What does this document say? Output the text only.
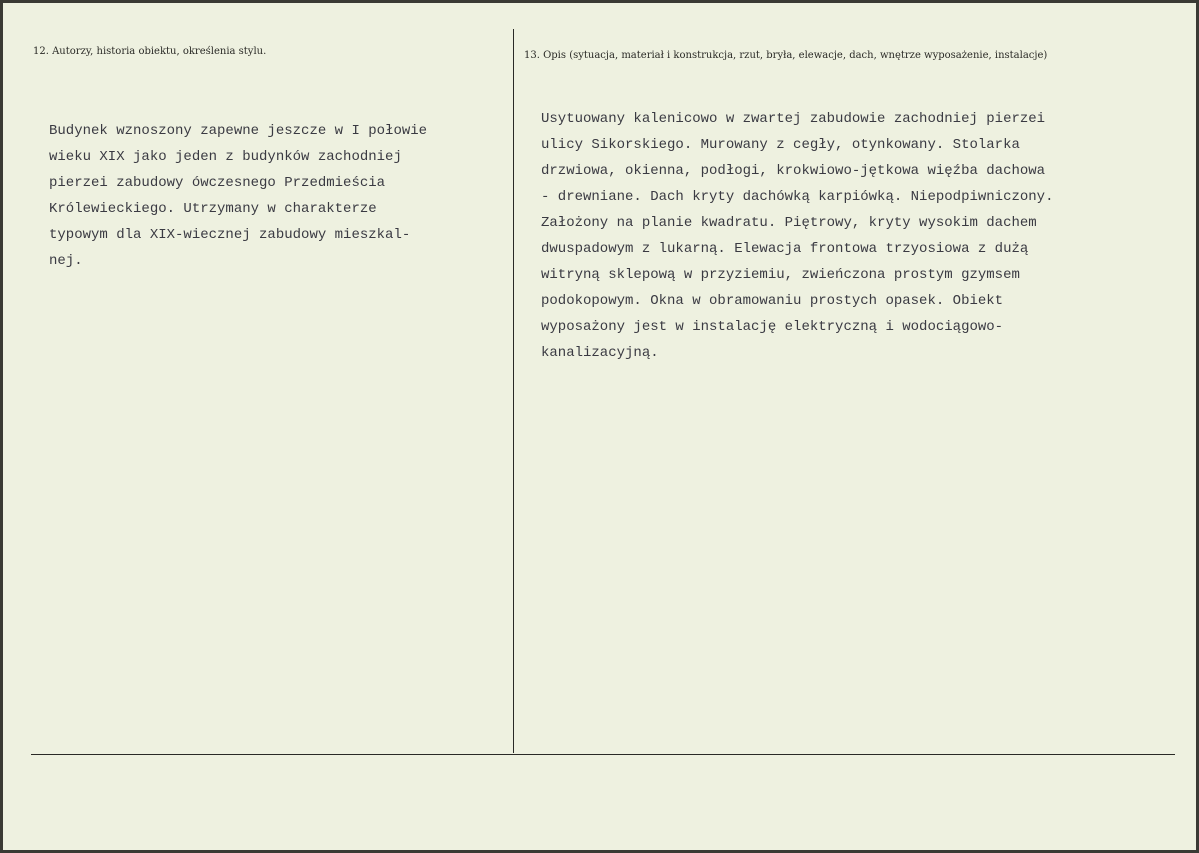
12. Autorzy, historia obiektu, określenia stylu.	13. Opis (sytuacja, materiał i konstrukcja, rzut, bryła, elewacje, dach, wnętrze wyposażenie, instalacje)
Budynek wznoszony zapewne jeszcze w I połowie
wieku XIX jako jeden z budynków zachodniej
pierzei zabudowy ówczesnego Przedmieścia
Królewieckiego. Utrzymany w charakterze
typowym dla XIX-wiecznej zabudowy mieszkal-
nej.
Usytuowany kalenicowo w zwartej zabudowie zachodniej pierzei
ulicy Sikorskiego. Murowany z cegły, otynkowany. Stolarka
drzwiowa, okienna, podłogi, krokwiowo-jętkowa więźba dachowa
- drewniane. Dach kryty dachówką karpiówką. Niepodpiwniczony.
Założony na planie kwadratu. Piętrowy, kryty wysokim dachem
dwuspadowym z lukarną. Elewacja frontowa trzyosiowa z dużą
witryną sklepową w przyziemiu, zwieńczona prostym gzymsem
podokopowym. Okna w obramowaniu prostych opasek. Obiekt
wyposażony jest w instalację elektryczną i wodociągowo-
kanalizacyjną.
